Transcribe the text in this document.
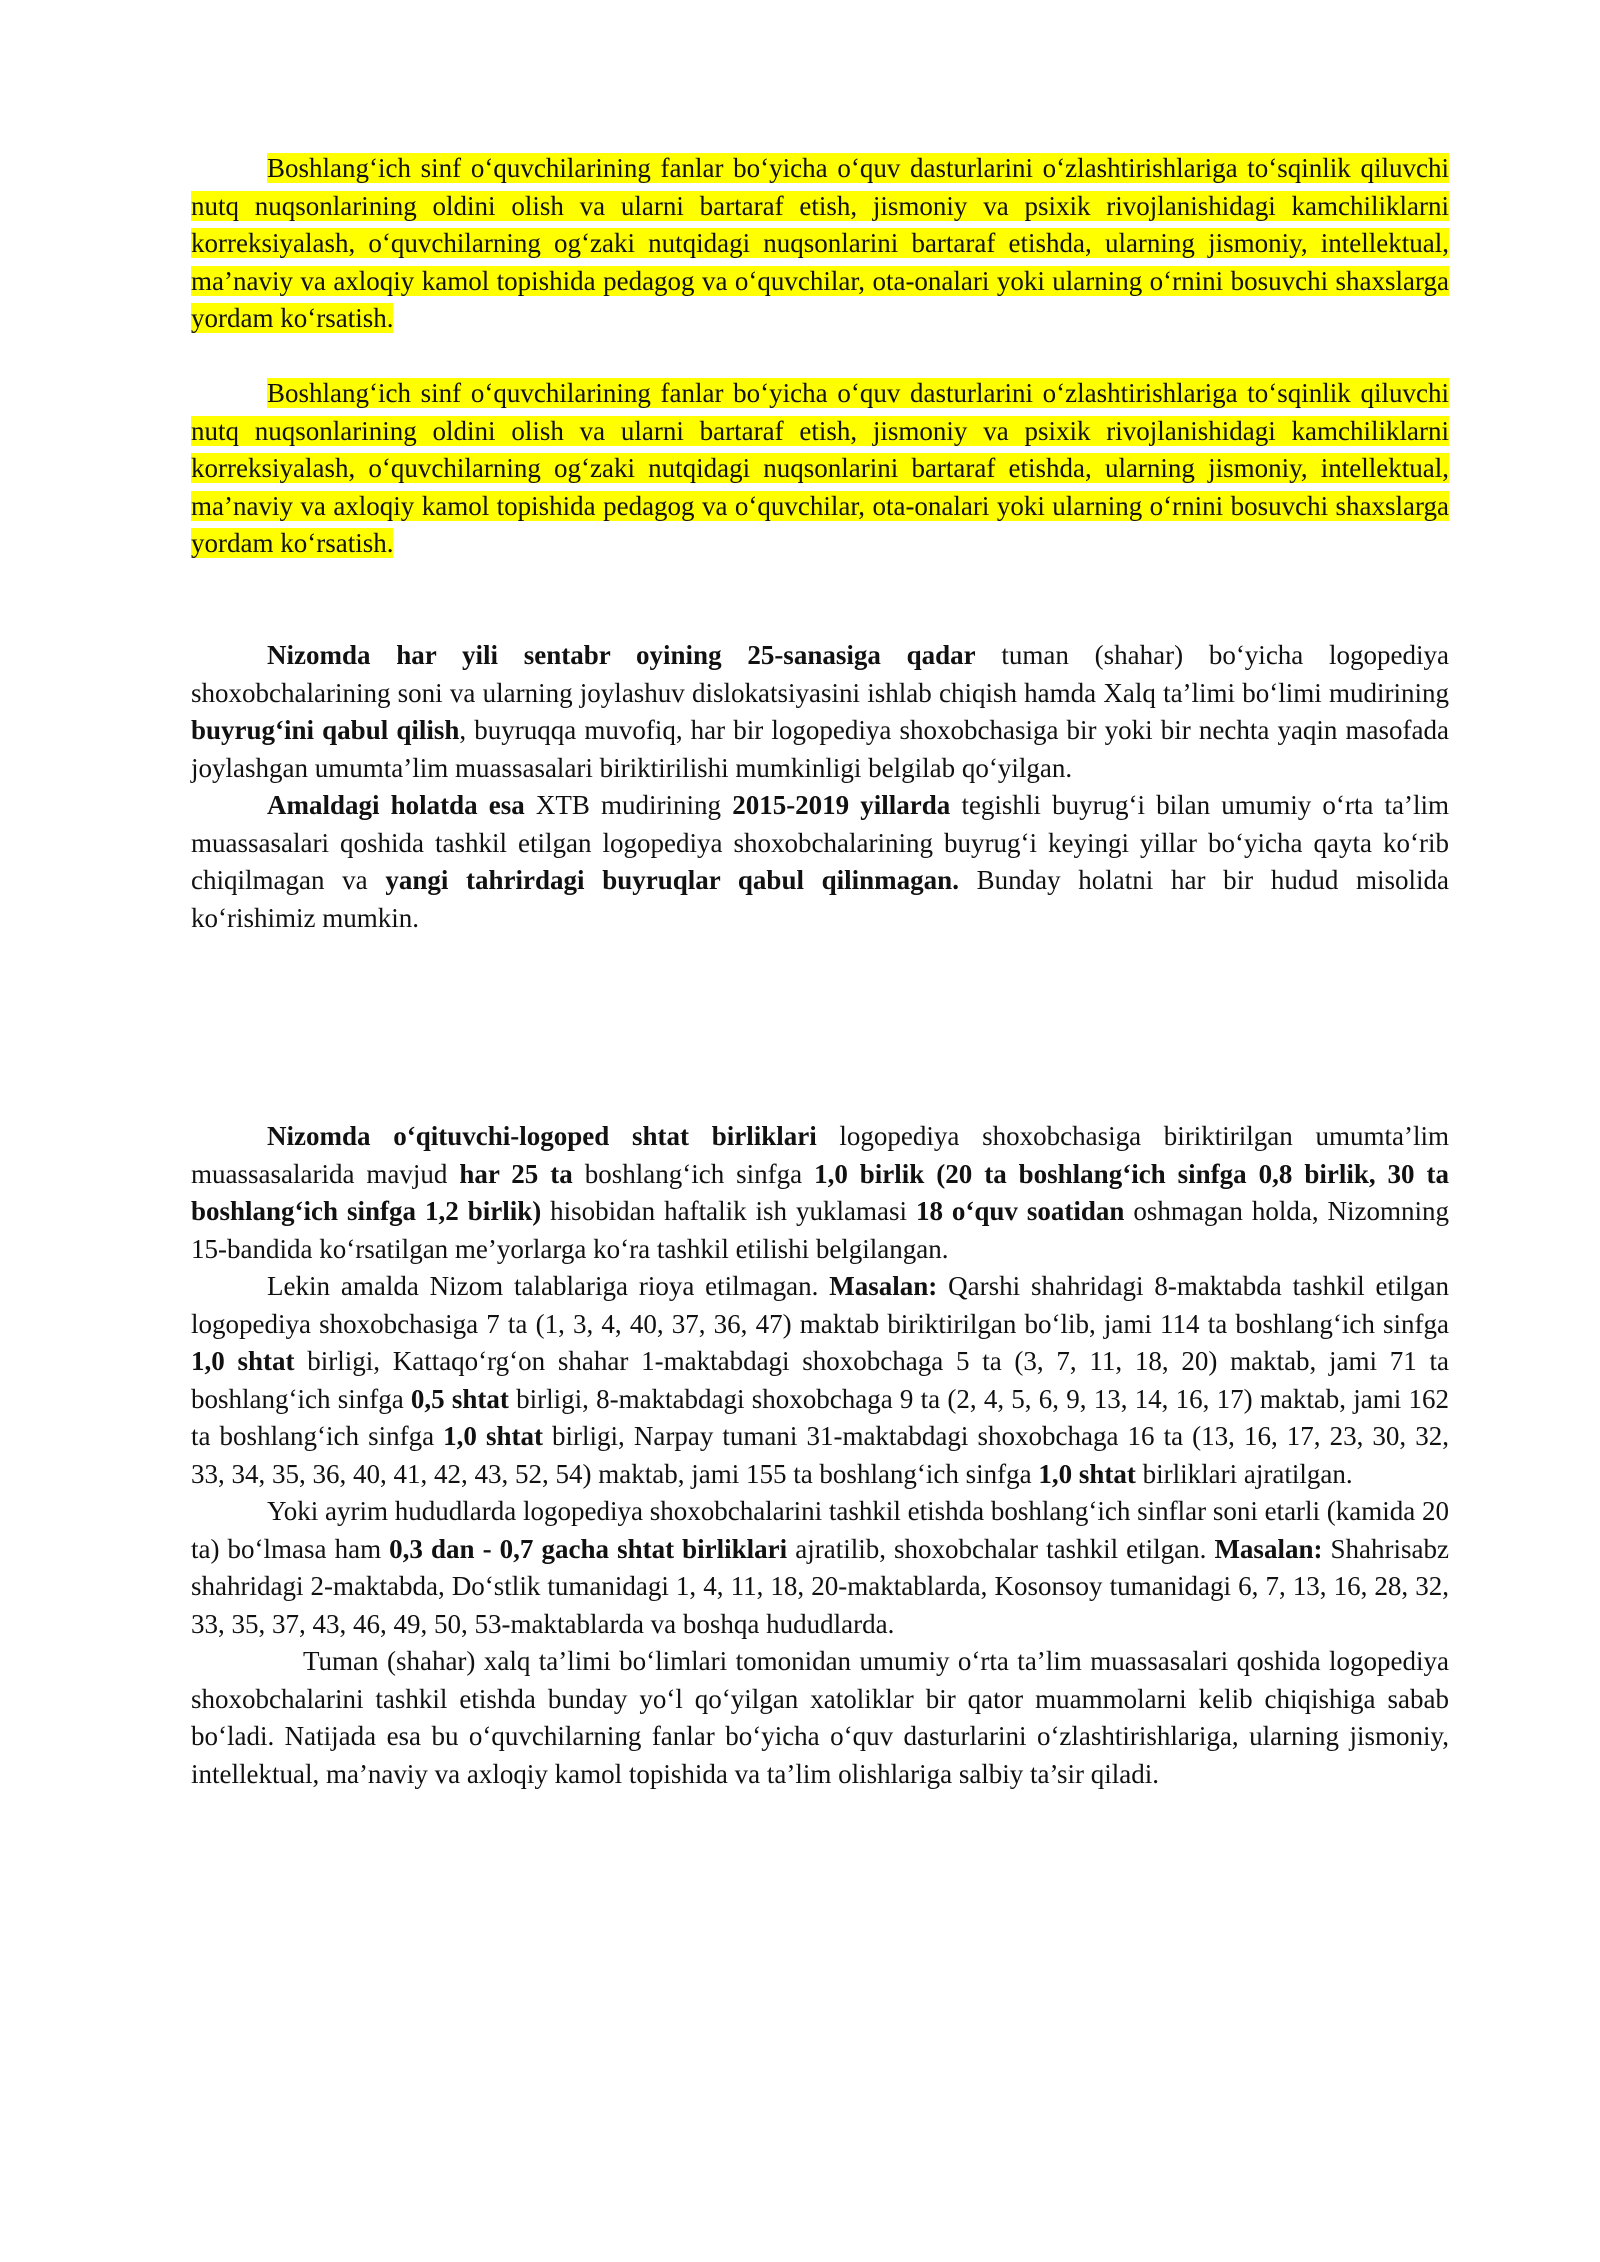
Boshlang‘ich sinf o‘quvchilarining fanlar bo‘yicha o‘quv dasturlarini o‘zlashtirishlariga to‘sqinlik qiluvchi nutq nuqsonlarining oldini olish va ularni bartaraf etish, jismoniy va psixik rivojlanishidagi kamchiliklarni korreksiyalash, o‘quvchilarning og‘zaki nutqidagi nuqsonlarini bartaraf etishda, ularning jismoniy, intellektual, ma’naviy va axloqiy kamol topishida pedagog va o‘quvchilar, ota-onalari yoki ularning o‘rnini bosuvchi shaxslarga yordam ko‘rsatish.

Boshlang‘ich sinf o‘quvchilarining fanlar bo‘yicha o‘quv dasturlarini o‘zlashtirishlariga to‘sqinlik qiluvchi nutq nuqsonlarining oldini olish va ularni bartaraf etish, jismoniy va psixik rivojlanishidagi kamchiliklarni korreksiyalash, o‘quvchilarning og‘zaki nutqidagi nuqsonlarini bartaraf etishda, ularning jismoniy, intellektual, ma’naviy va axloqiy kamol topishida pedagog va o‘quvchilar, ota-onalari yoki ularning o‘rnini bosuvchi shaxslarga yordam ko‘rsatish.

Nizomda har yili sentabr oyining 25-sanasiga qadar tuman (shahar) bo‘yicha logopediya shoxobchalarining soni va ularning joylashuv dislokatsiyasini ishlab chiqish hamda Xalq ta’limi bo‘limi mudirining buyrug‘ini qabul qilish, buyruqqa muvofiq, har bir logopediya shoxobchasiga bir yoki bir nechta yaqin masofada joylashgan umumta’lim muassasalari biriktirilishi mumkinligi belgilab qo‘yilgan.

Amaldagi holatda esa XTB mudirining 2015-2019 yillarda tegishli buyrug‘i bilan umumiy o‘rta ta’lim muassasalari qoshida tashkil etilgan logopediya shoxobchalarining buyrug‘i keyingi yillar bo‘yicha qayta ko‘rib chiqilmagan va yangi tahrirdagi buyruqlar qabul qilinmagan. Bunday holatni har bir hudud misolida ko‘rishimiz mumkin.

Nizomda o‘qituvchi-logoped shtat birliklari logopediya shoxobchasiga biriktirilgan umumta’lim muassasalarida mavjud har 25 ta boshlang‘ich sinfga 1,0 birlik (20 ta boshlang‘ich sinfga 0,8 birlik, 30 ta boshlang‘ich sinfga 1,2 birlik) hisobidan haftalik ish yuklamasi 18 o‘quv soatidan oshmagan holda, Nizomning 15-bandida ko‘rsatilgan me’yorlarga ko‘ra tashkil etilishi belgilangan.

Lekin amalda Nizom talablariga rioya etilmagan. Masalan: Qarshi shahridagi 8-maktabda tashkil etilgan logopediya shoxobchasiga 7 ta (1, 3, 4, 40, 37, 36, 47) maktab biriktirilgan bo‘lib, jami 114 ta boshlang‘ich sinfga 1,0 shtat birligi, Kattaqo‘rg‘on shahar 1-maktabdagi shoxobchaga 5 ta (3, 7, 11, 18, 20) maktab, jami 71 ta boshlang‘ich sinfga 0,5 shtat birligi, 8-maktabdagi shoxobchaga 9 ta (2, 4, 5, 6, 9, 13, 14, 16, 17) maktab, jami 162 ta boshlang‘ich sinfga 1,0 shtat birligi, Narpay tumani 31-maktabdagi shoxobchaga 16 ta (13, 16, 17, 23, 30, 32, 33, 34, 35, 36, 40, 41, 42, 43, 52, 54) maktab, jami 155 ta boshlang‘ich sinfga 1,0 shtat birliklari ajratilgan.

Yoki ayrim hududlarda logopediya shoxobchalarini tashkil etishda boshlang‘ich sinflar soni etarli (kamida 20 ta) bo‘lmasa ham 0,3 dan - 0,7 gacha shtat birliklari ajratilib, shoxobchalar tashkil etilgan. Masalan: Shahrisabz shahridagi 2-maktabda, Do‘stlik tumanidagi 1, 4, 11, 18, 20-maktablarda, Kosonsoy tumanidagi 6, 7, 13, 16, 28, 32, 33, 35, 37, 43, 46, 49, 50, 53-maktablarda va boshqa hududlarda.

Tuman (shahar) xalq ta’limi bo‘limlari tomonidan umumiy o‘rta ta’lim muassasalari qoshida logopediya shoxobchalarini tashkil etishda bunday yo‘l qo‘yilgan xatoliklar bir qator muammolarni kelib chiqishiga sabab bo‘ladi. Natijada esa bu o‘quvchilarning fanlar bo‘yicha o‘quv dasturlarini o‘zlashtirishlariga, ularning jismoniy, intellektual, ma’naviy va axloqiy kamol topishida va ta’lim olishlariga salbiy ta’sir qiladi.
